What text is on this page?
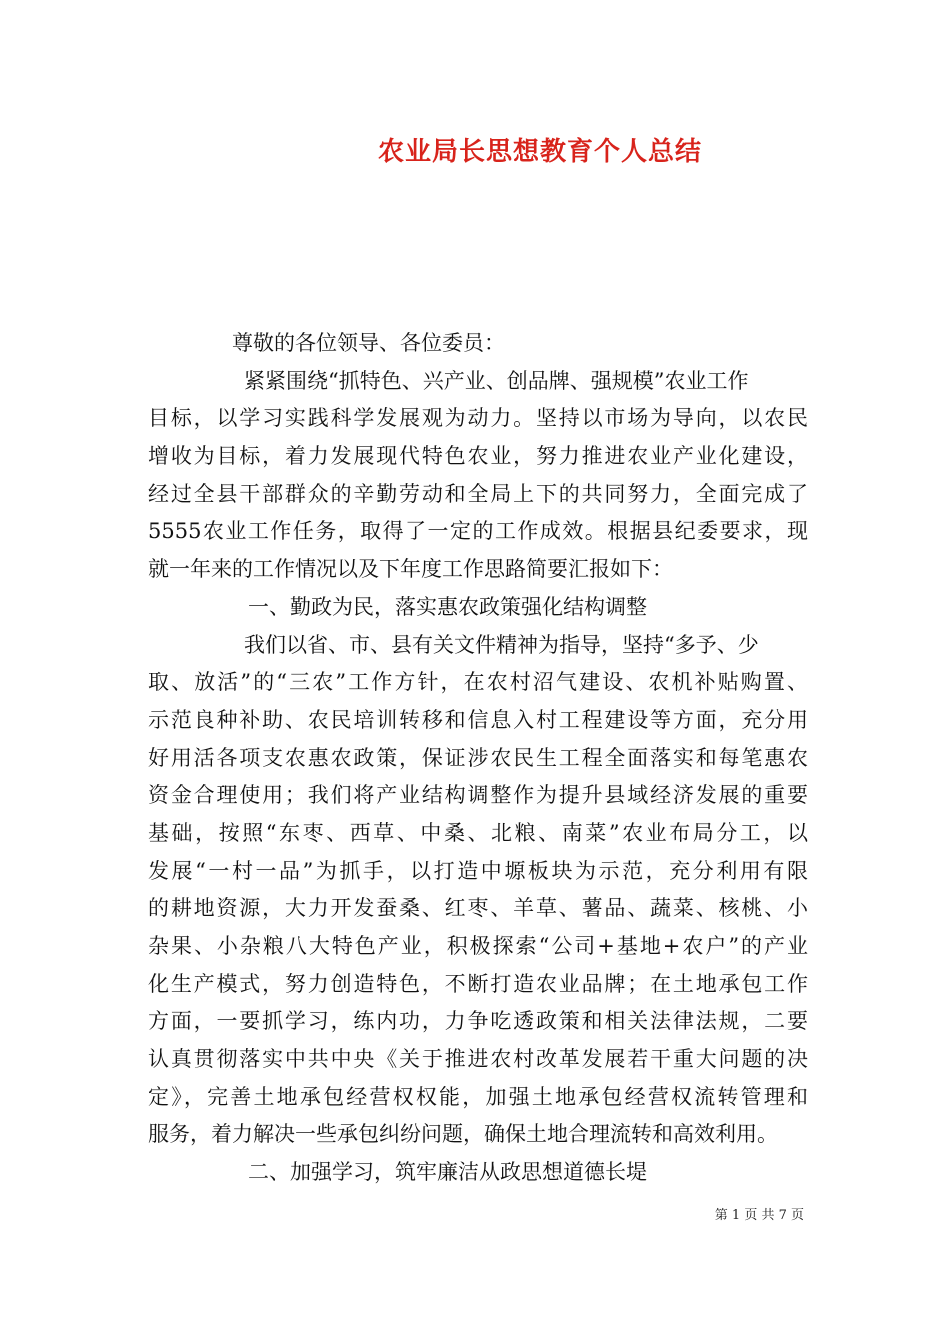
农业局长思想教育个人总结
尊敬的各位领导、各位委员：
紧紧围绕“抓特色、兴产业、创品牌、强规模”农业工作
目标，以学习实践科学发展观为动力。坚持以市场为导向，以农民
增收为目标，着力发展现代特色农业，努力推进农业产业化建设，
经过全县干部群众的辛勤劳动和全局上下的共同努力，全面完成了
5555农业工作任务，取得了一定的工作成效。根据县纪委要求，现
就一年来的工作情况以及下年度工作思路简要汇报如下：
一、勤政为民，落实惠农政策强化结构调整
我们以省、市、县有关文件精神为指导，坚持“多予、少
取、放活”的“三农”工作方针，在农村沼气建设、农机补贴购置、
示范良种补助、农民培训转移和信息入村工程建设等方面，充分用
好用活各项支农惠农政策，保证涉农民生工程全面落实和每笔惠农
资金合理使用；我们将产业结构调整作为提升县域经济发展的重要
基础，按照“东枣、西草、中桑、北粮、南菜”农业布局分工，以
发展“一村一品”为抓手，以打造中塬板块为示范，充分利用有限
的耕地资源，大力开发蚕桑、红枣、羊草、薯品、蔬菜、核桃、小
杂果、小杂粮八大特色产业，积极探索“公司+基地+农户”的产业
化生产模式，努力创造特色，不断打造农业品牌；在土地承包工作
方面，一要抓学习，练内功，力争吃透政策和相关法律法规，二要
认真贯彻落实中共中央《关于推进农村改革发展若干重大问题的决
定》，完善土地承包经营权权能，加强土地承包经营权流转管理和
服务，着力解决一些承包纠纷问题，确保土地合理流转和高效利用。
二、加强学习，筑牢廉洁从政思想道德长堤
第 1 页 共 7 页
